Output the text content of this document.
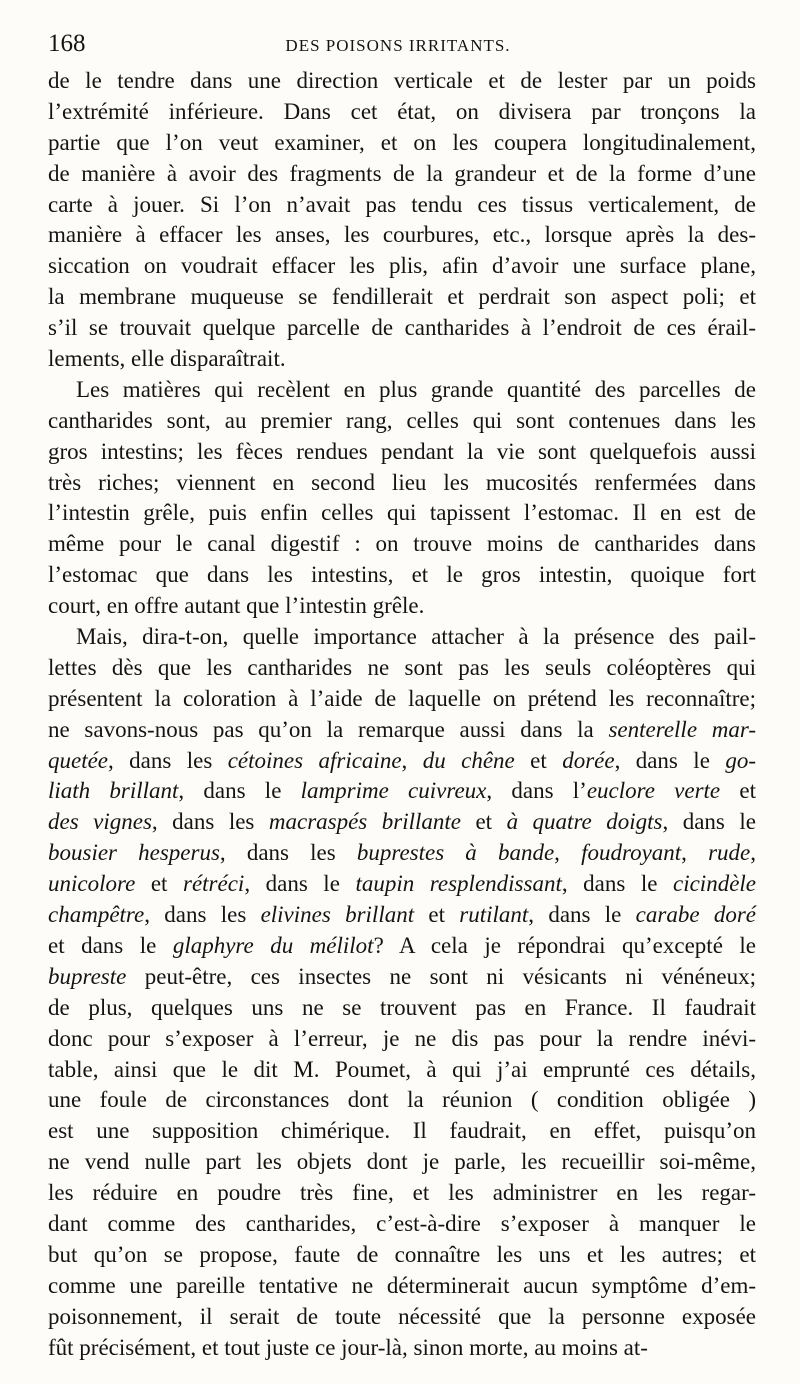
168	DES POISONS IRRITANTS.
de le tendre dans une direction verticale et de lester par un poids
l’extrémité inférieure. Dans cet état, on divisera par tronçons la
partie que l’on veut examiner, et on les coupera longitudinalement,
de manière à avoir des fragments de la grandeur et de la forme d’une
carte à jouer. Si l’on n’avait pas tendu ces tissus verticalement, de
manière à effacer les anses, les courbures, etc., lorsque après la des-
siccation on voudrait effacer les plis, afin d’avoir une surface plane,
la membrane muqueuse se fendillerait et perdrait son aspect poli; et
s’il se trouvait quelque parcelle de cantharides à l’endroit de ces érail-
lements, elle disparaîtrait.
Les matières qui recèlent en plus grande quantité des parcelles de
cantharides sont, au premier rang, celles qui sont contenues dans les
gros intestins; les fèces rendues pendant la vie sont quelquefois aussi
très riches; viennent en second lieu les mucosités renfermées dans
l’intestin grêle, puis enfin celles qui tapissent l’estomac. Il en est de
même pour le canal digestif : on trouve moins de cantharides dans
l’estomac que dans les intestins, et le gros intestin, quoique fort
court, en offre autant que l’intestin grêle.
Mais, dira-t-on, quelle importance attacher à la présence des pail-
lettes dès que les cantharides ne sont pas les seuls coléoptères qui
présentent la coloration à l’aide de laquelle on prétend les reconnaître;
ne savons-nous pas qu’on la remarque aussi dans la senterelle mar-
quetée, dans les cétoines africaine, du chêne et dorée, dans le go-
liath brillant, dans le lamprime cuivreux, dans l’euclore verte et
des vignes, dans les macraspés brillante et à quatre doigts, dans le
bousier hesperus, dans les buprestes à bande, foudroyant, rude,
unicolore et rétréci, dans le taupin resplendissant, dans le cicindèle
champêtre, dans les elivines brillant et rutilant, dans le carabe doré
et dans le glaphyre du mélilot? A cela je répondrai qu’excepté le
bupreste peut-être, ces insectes ne sont ni vésicants ni vénéneux;
de plus, quelques uns ne se trouvent pas en France. Il faudrait
donc pour s’exposer à l’erreur, je ne dis pas pour la rendre inévi-
table, ainsi que le dit M. Poumet, à qui j’ai emprunté ces détails,
une foule de circonstances dont la réunion ( condition obligée )
est une supposition chimérique. Il faudrait, en effet, puisqu’on
ne vend nulle part les objets dont je parle, les recueillir soi-même,
les réduire en poudre très fine, et les administrer en les regar-
dant comme des cantharides, c’est-à-dire s’exposer à manquer le
but qu’on se propose, faute de connaître les uns et les autres; et
comme une pareille tentative ne déterminerait aucun symptôme d’em-
poisonnement, il serait de toute nécessité que la personne exposée
fût précisément, et tout juste ce jour-là, sinon morte, au moins at-
